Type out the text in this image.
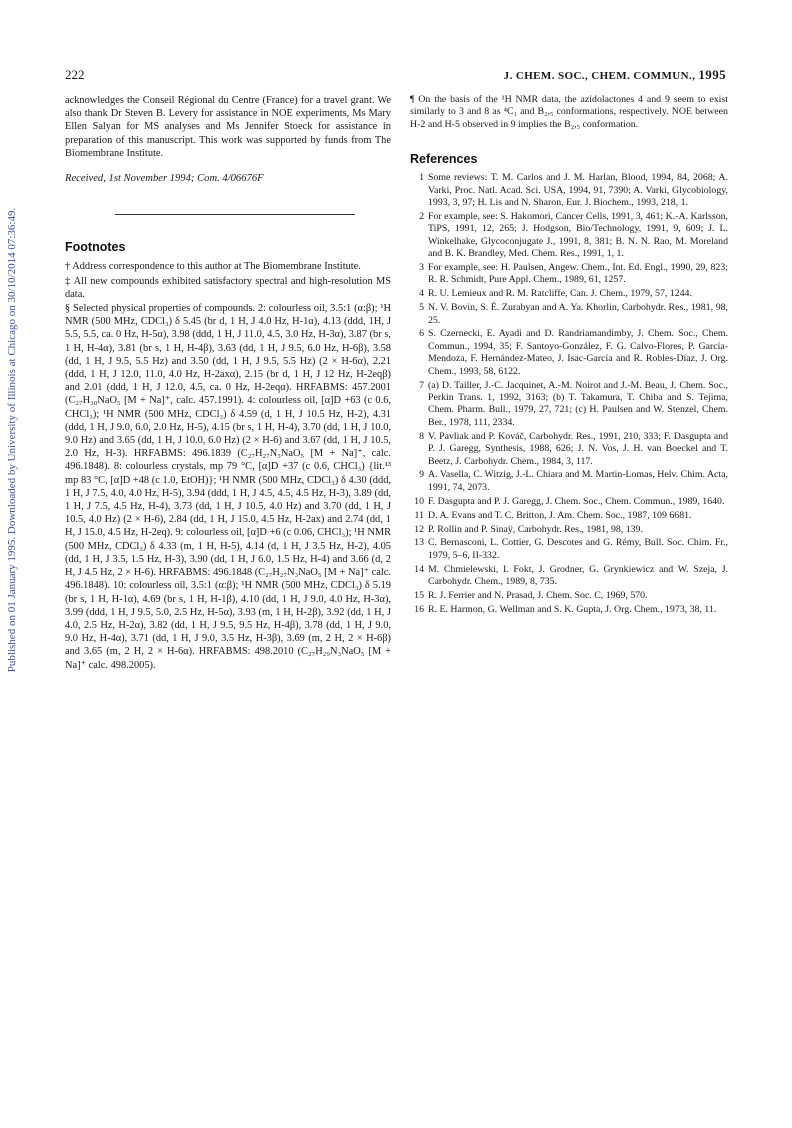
222	J. CHEM. SOC., CHEM. COMMUN., 1995
Published on 01 January 1995. Downloaded by University of Illinois at Chicago on 30/10/2014 07:36:49.

acknowledges the Conseil Régional du Centre (France) for a travel grant. We also thank Dr Steven B. Levery for assistance in NOE experiments, Ms Mary Ellen Salyan for MS analyses and Ms Jennifer Stoeck for assistance in preparation of this manuscript. This work was supported by funds from The Biomembrane Institute.

Received, 1st November 1994; Com. 4/06676F

Footnotes

† Address correspondence to this author at The Biomembrane Institute.

‡ All new compounds exhibited satisfactory spectral and high-resolution MS data.

§ Selected physical properties of compounds. 2: colourless oil, 3.5:1 (α:β); ¹H NMR (500 MHz, CDCl₃) δ 5.45 (br d, 1 H, J 4.0 Hz, H-1α), 4.13 (ddd, 1H, J 5.5, 5.5, ca. 0 Hz, H-5α), 3.98 (ddd, 1 H, J 11.0, 4.5, 3.0 Hz, H-3α), 3.87 (br s, 1 H, H-4α), 3.81 (br s, 1 H, H-4β), 3.63 (dd, 1 H, J 9.5, 6.0 Hz, H-6β), 3.58 (dd, 1 H, J 9.5, 5.5 Hz) and 3.50 (dd, 1 H, J 9.5, 5.5 Hz) (2 × H-6α), 2.21 (ddd, 1 H, J 12.0, 11.0, 4.0 Hz, H-2axα), 2.15 (br d, 1 H, J 12 Hz, H-2eqβ) and 2.01 (ddd, 1 H, J 12.0, 4.5, ca. 0 Hz, H-2eqα). HRFABMS: 457.2001 (C₂₇H₃₀NaO₅ [M + Na]⁺, calc. 457.1991). 4: colourless oil, [α]D +63 (c 0.6, CHCl₃); ¹H NMR (500 MHz, CDCl₃) δ 4.59 (d, 1 H, J 10.5 Hz, H-2), 4.31 (ddd, 1 H, J 9.0, 6.0, 2.0 Hz, H-5), 4.15 (br s, 1 H, H-4), 3.70 (dd, 1 H, J 10.0, 9.0 Hz) and 3.65 (dd, 1 H, J 10.0, 6.0 Hz) (2 × H-6) and 3.67 (dd, 1 H, J 10.5, 2.0 Hz, H-3). HRFABMS: 496.1839 (C₂₇H₂₇N₃NaO₅ [M + Na]⁺, calc. 496.1848). 8: colourless crystals, mp 79 °C, [α]D +37 (c 0.6, CHCl₃) {lit.¹³ mp 83 °C, [α]D +48 (c 1.0, EtOH)}; ¹H NMR (500 MHz, CDCl₃) δ 4.30 (ddd, 1 H, J 7.5, 4.0, 4.0 Hz, H-5), 3.94 (ddd, 1 H, J 4.5, 4.5, 4.5 Hz, H-3), 3.89 (dd, 1 H, J 7.5, 4.5 Hz, H-4), 3.73 (dd, 1 H, J 10.5, 4.0 Hz) and 3.70 (dd, 1 H, J 10.5, 4.0 Hz) (2 × H-6), 2.84 (dd, 1 H, J 15.0, 4.5 Hz, H-2ax) and 2.74 (dd, 1 H, J 15.0, 4.5 Hz, H-2eq). 9: colourless oil, [α]D +6 (c 0.06, CHCl₃); ¹H NMR (500 MHz, CDCl₃) δ 4.33 (m, 1 H, H-5), 4.14 (d, 1 H, J 3.5 Hz, H-2), 4.05 (dd, 1 H, J 3.5, 1.5 Hz, H-3), 3.90 (dd, 1 H, J 6.0, 1.5 Hz, H-4) and 3.66 (d, 2 H, J 4.5 Hz, 2 × H-6). HRFABMS: 496.1848 (C₂₇H₂₇N₃NaO₅ [M + Na]⁺ calc. 496.1848). 10: colourless oil, 3.5:1 (α:β); ¹H NMR (500 MHz, CDCl₃) δ 5.19 (br s, 1 H, H-1α), 4.69 (br s, 1 H, H-1β), 4.10 (dd, 1 H, J 9.0, 4.0 Hz, H-3α), 3.99 (ddd, 1 H, J 9.5, 5.0, 2.5 Hz, H-5α), 3.93 (m, 1 H, H-2β), 3.92 (dd, 1 H, J 4.0, 2.5 Hz, H-2α), 3.82 (dd, 1 H, J 9.5, 9.5 Hz, H-4β), 3.78 (dd, 1 H, J 9.0, 9.0 Hz, H-4α), 3.71 (dd, 1 H, J 9.0, 3.5 Hz, H-3β), 3.69 (m, 2 H, 2 × H-6β) and 3.65 (m, 2 H, 2 × H-6α). HRFABMS: 498.2010 (C₂₇H₂₉N₃NaO₅ [M + Na]⁺ calc. 498.2005).

¶ On the basis of the ¹H NMR data, the azidolactones 4 and 9 seem to exist similarly to 3 and 8 as ⁴C₁ and B₂,₅ conformations, respectively. NOE between H-2 and H-5 observed in 9 implies the B₂,₅ conformation.

References
1 Some reviews: T. M. Carlos and J. M. Harlan, Blood, 1994, 84, 2068; A. Varki, Proc. Natl. Acad. Sci. USA, 1994, 91, 7390; A. Varki, Glycobiology, 1993, 3, 97; H. Lis and N. Sharon, Eur. J. Biochem., 1993, 218, 1.
2 For example, see: S. Hakomori, Cancer Cells, 1991, 3, 461; K.-A. Karlsson, TiPS, 1991, 12, 265; J. Hodgson, Bio/Technology, 1991, 9, 609; J. L. Winkelhake, Glycoconjugate J., 1991, 8, 381; B. N. N. Rao, M. Moreland and B. K. Brandley, Med. Chem. Res., 1991, 1, 1.
3 For example, see: H. Paulsen, Angew. Chem., Int. Ed. Engl., 1990, 29, 823; R. R. Schmidt, Pure Appl. Chem., 1989, 61, 1257.
4 R. U. Lemieux and R. M. Ratcliffe, Can. J. Chem., 1979, 57, 1244.
5 N. V. Bovin, S. É. Zurabyan and A. Ya. Khorlin, Carbohydr. Res., 1981, 98, 25.
6 S. Czernecki, E. Ayadi and D. Randriamandimby, J. Chem. Soc., Chem. Commun., 1994, 35; F. Santoyo-González, F. G. Calvo-Flores, P. García-Mendoza, F. Hernández-Mateo, J. Isac-García and R. Robles-Díaz, J. Org. Chem., 1993, 58, 6122.
7 (a) D. Tailler, J.-C. Jacquinet, A.-M. Noirot and J.-M. Beau, J. Chem. Soc., Perkin Trans. 1, 1992, 3163; (b) T. Takamura, T. Chiba and S. Tejima, Chem. Pharm. Bull., 1979, 27, 721; (c) H. Paulsen and W. Stenzel, Chem. Ber., 1978, 111, 2334.
8 V. Pavliak and P. Kováč, Carbohydr. Res., 1991, 210, 333; F. Dasgupta and P. J. Garegg, Synthesis, 1988, 626; J. N. Vos, J. H. van Boeckel and T. Beetz, J. Carbohydr. Chem., 1984, 3, 117.
9 A. Vasella, C. Witzig, J.-L. Chiara and M. Martin-Lomas, Helv. Chim. Acta, 1991, 74, 2073.
10 F. Dasgupta and P. J. Garegg, J. Chem. Soc., Chem. Commun., 1989, 1640.
11 D. A. Evans and T. C. Britton, J. Am. Chem. Soc., 1987, 109 6681.
12 P. Rollin and P. Sinaÿ, Carbohydr. Res., 1981, 98, 139.
13 C. Bernasconi, L. Cottier, G. Descotes and G. Rémy, Bull. Soc. Chim. Fr., 1979, 5–6, II-332.
14 M. Chmielewski, I. Fokt, J. Grodner, G. Grynkiewicz and W. Szeja, J. Carbohydr. Chem., 1989, 8, 735.
15 R. J. Ferrier and N. Prasad, J. Chem. Soc. C, 1969, 570.
16 R. E. Harmon, G. Wellman and S. K. Gupta, J. Org. Chem., 1973, 38, 11.
